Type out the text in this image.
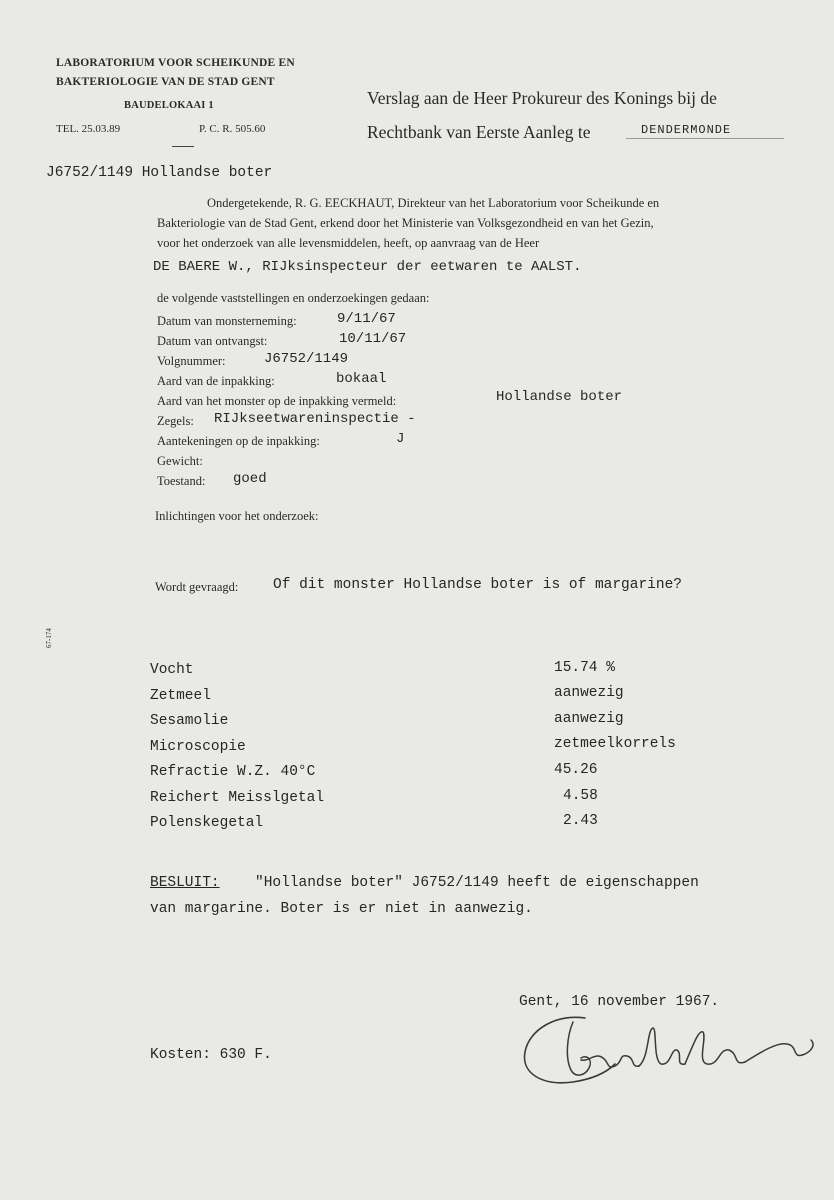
LABORATORIUM VOOR SCHEIKUNDE EN
BAKTERIOLOGIE VAN DE STAD GENT
BAUDELOKAAI 1
TEL. 25.03.89	P. C. R. 505.60
Verslag aan de Heer Prokureur des Konings bij de
Rechtbank van Eerste Aanleg te	DENDERMONDE
J6752/1149 Hollandse boter
Ondergetekende, R. G. EECKHAUT, Direkteur van het Laboratorium voor Scheikunde en
Bakteriologie van de Stad Gent, erkend door het Ministerie van Volksgezondheid en van het Gezin,
voor het onderzoek van alle levensmiddelen, heeft, op aanvraag van de Heer
DE BAERE W., RIJksinspecteur der eetwaren te AALST.
de volgende vaststellingen en onderzoekingen gedaan:
Datum van monsterneming:	9/11/67
Datum van ontvangst:	10/11/67
Volgnummer:	J6752/1149
Aard van de inpakking:	bokaal
Aard van het monster op de inpakking vermeld:	Hollandse boter
Zegels: RIJkseetwareninspectie -
Aantekeningen op de inpakking:	J
Gewicht:
Toestand: goed
Inlichtingen voor het onderzoek:
Wordt gevraagd: Of dit monster Hollandse boter is of margarine?
67-174
Vocht	15.74 %
Zetmeel	aanwezig
Sesamolie	aanwezig
Microscopie	zetmeelkorrels
Refractie W.Z. 40°C	45.26
Reichert Meisslgetal	4.58
Polenskegetal	2.43
BESLUIT: "Hollandse boter" J6752/1149 heeft de eigenschappen
van margarine. Boter is er niet in aanwezig.
Gent, 16 november 1967.
Kosten: 630 F.
